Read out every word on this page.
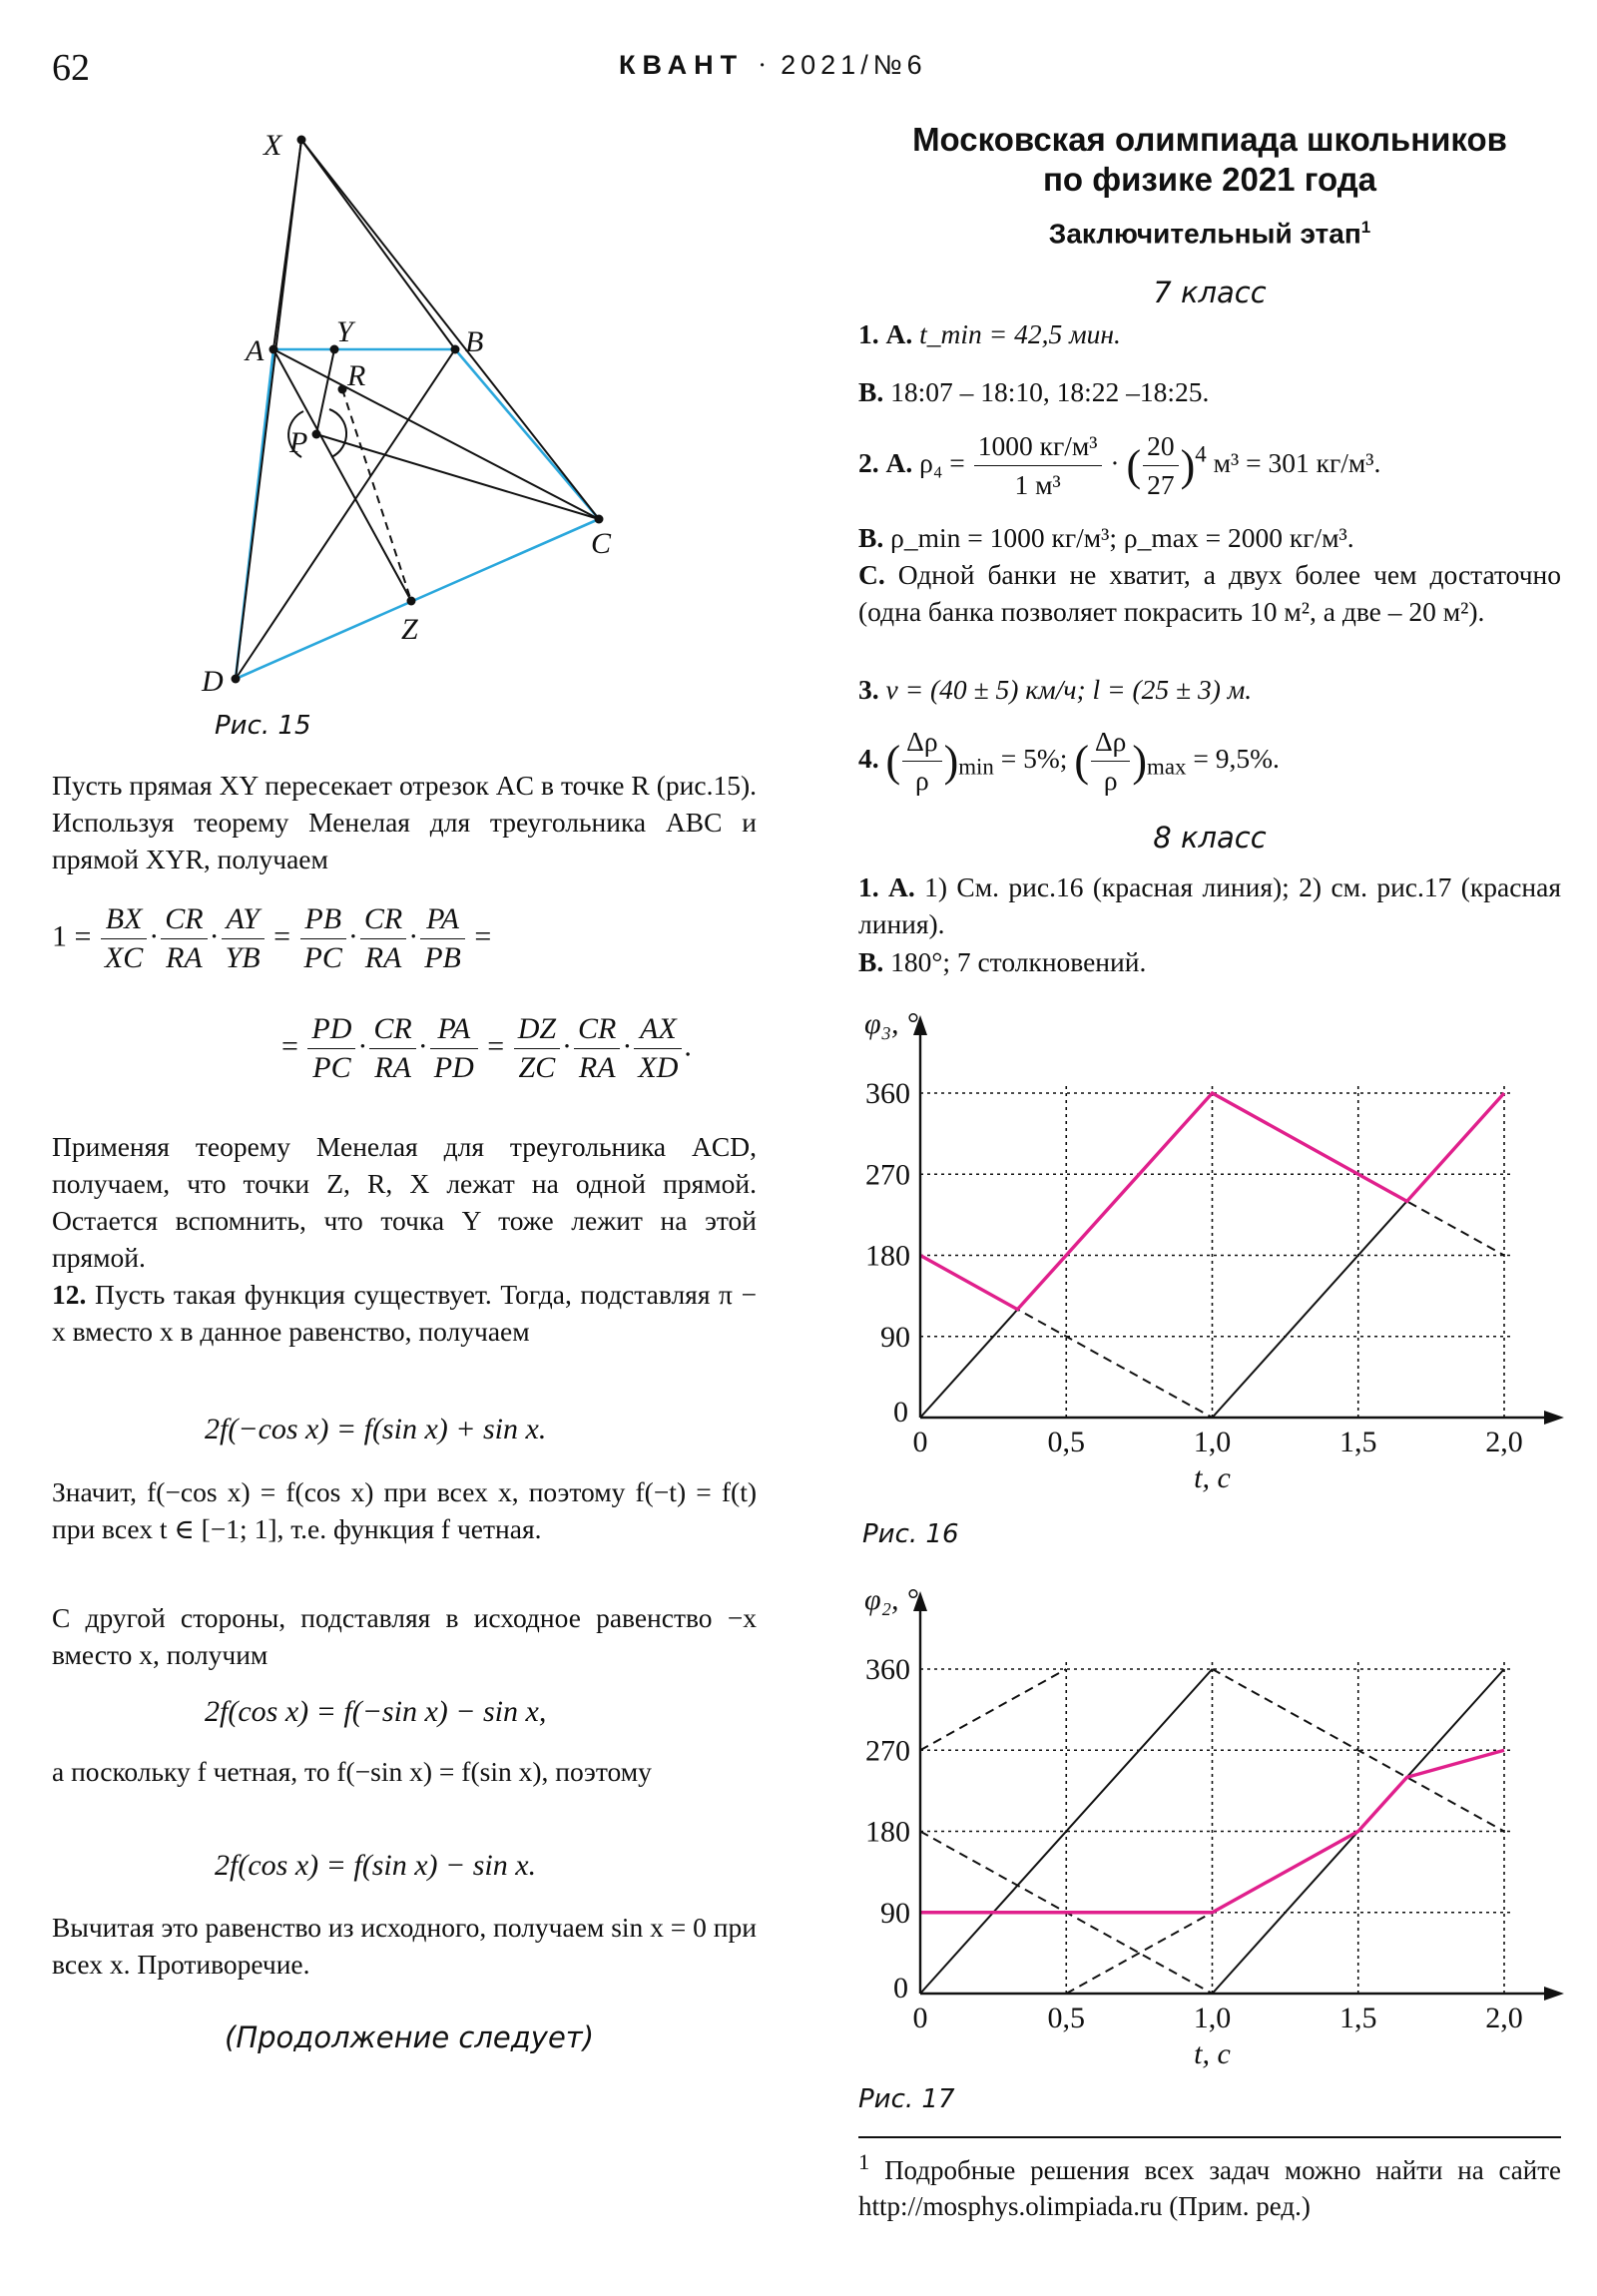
62	КВАНТ · 2021/№6
X
Y
A	B
R
P
C
Z
D
Рис. 15
Пусть прямая XY пересекает отрезок AC в точке R (рис.15). Используя теорему Менелая для треугольника ABC и прямой XYR, получаем
$1 = \frac{BX}{XC} \cdot \frac{CR}{RA} \cdot \frac{AY}{YB} = \frac{PB}{PC} \cdot \frac{CR}{RA} \cdot \frac{PA}{PB}$ =
= $\frac{PD}{PC} \cdot \frac{CR}{RA} \cdot \frac{PA}{PD} = \frac{DZ}{ZC} \cdot \frac{CR}{RA} \cdot \frac{AX}{XD}$ .
Применяя теорему Менелая для треугольника ACD, получаем, что точки Z, R, X лежат на одной прямой. Остается вспомнить, что точка Y тоже лежит на этой прямой.
12. Пусть такая функция существует. Тогда, подставляя π − x вместо x в данное равенство, получаем
2f(−cos x) = f(sin x) + sin x.
Значит, f(−cos x) = f(cos x) при всех x, поэтому f(−t) = f(t) при всех t ∈ [−1; 1], т.е. функция f четная.
С другой стороны, подставляя в исходное равенство −x вместо x, получим
2f(cos x) = f(−sin x) − sin x,
а поскольку f четная, то f(−sin x) = f(sin x), поэтому
2f(cos x) = f(sin x) − sin x.
Вычитая это равенство из исходного, получаем sin x = 0 при всех x. Противоречие.
(Продолжение следует)
Московская олимпиада школьников
по физике 2021 года
Заключительный этап$^1$
7 класс
1. А. t_min = 42,5 мин.
В. 18:07 – 18:10, 18:22 –18:25.
2. А. $\rho_4 = \frac{\text{1000 кг/м³}}{\text{1 м³}}$ · ( $\frac{20}{27} )^4$ м³ = 301 кг/м³.
В. ρ_min = 1000 кг/м³; ρ_max = 2000 кг/м³.
С. Одной банки не хватит, а двух более чем достаточно (одна банка позволяет покрасить 10 м², а две – 20 м²).
3. v = (40 ± 5) км/ч; l = (25 ± 3) м.
4. ( $\frac{\Delta\rho}{\rho} )_{min} = 5\%$; ( $\frac{\Delta\rho}{\rho} )_{max} = 9,5\%$.
8 класс
1. А. 1) См. рис.16 (красная линия); 2) см. рис.17 (красная линия).
В. 180°; 7 столкновений.
0	0,5	1,0	1,5	2,0
0
90
180
270
360
φ₃, °
t, с
Рис. 16
0	0,5	1,0	1,5	2,0
0
90
180
270
360
φ₂, °
t, с
Рис. 17
$^1$ Подробные решения всех задач можно найти на сайте http://mosphys.olimpiada.ru (Прим. ред.)
